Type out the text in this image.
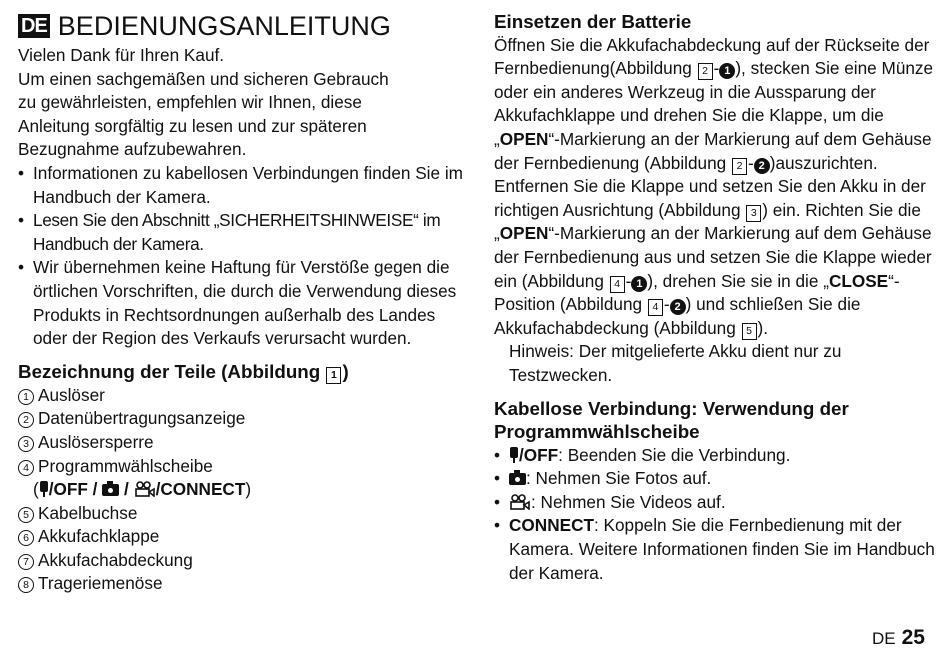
DE BEDIENUNGSANLEITUNG

Vielen Dank für Ihren Kauf.

Um einen sachgemäßen und sicheren Gebrauch

zu gewährleisten, empfehlen wir Ihnen, diese

Anleitung sorgfältig zu lesen und zur späteren

Bezugnahme aufzubewahren.

• Informationen zu kabellosen Verbindungen finden Sie im Handbuch der Kamera.
• Lesen Sie den Abschnitt „SICHERHEITSHINWEISE“ im Handbuch der Kamera.
• Wir übernehmen keine Haftung für Verstöße gegen die örtlichen Vorschriften, die durch die Verwendung dieses Produkts in Rechtsordnungen außerhalb des Landes oder der Region des Verkaufs verursacht wurden.
Bezeichnung der Teile (Abbildung 1 )
1 Auslöser
2 Datenübertragungsanzeige
3 Auslösersperre
4 Programmwählscheibe
( /OFF / / /CONNECT)
5 Kabelbuchse
6 Akkufachklappe
7 Akkufachabdeckung
8 Trageriemenöse
Einsetzen der Batterie

Öffnen Sie die Akkufachabdeckung auf der Rückseite der Fernbedienung(Abbildung 2 - 1 ), stecken Sie eine Münze oder ein anderes Werkzeug in die Aussparung der Akkufachklappe und drehen Sie die Klappe, um die „OPEN“-Markierung an der Markierung auf dem Gehäuse der Fernbedienung (Abbildung 2 - 2 )auszurichten. Entfernen Sie die Klappe und setzen Sie den Akku in der richtigen Ausrichtung (Abbildung 3 ) ein. Richten Sie die „OPEN“-Markierung an der Markierung auf dem Gehäuse der Fernbedienung aus und setzen Sie die Klappe wieder ein (Abbildung 4 - 1 ), drehen Sie sie in die „CLOSE“-Position (Abbildung 4 - 2 ) und schließen Sie die Akkufachabdeckung (Abbildung 5 ).

Hinweis: Der mitgelieferte Akku dient nur zu Testzwecken.

Kabellose Verbindung: Verwendung der Programmwählscheibe
• /OFF: Beenden Sie die Verbindung.
• : Nehmen Sie Fotos auf.
• : Nehmen Sie Videos auf.
• CONNECT: Koppeln Sie die Fernbedienung mit der Kamera. Weitere Informationen finden Sie im Handbuch der Kamera.
DE 25
